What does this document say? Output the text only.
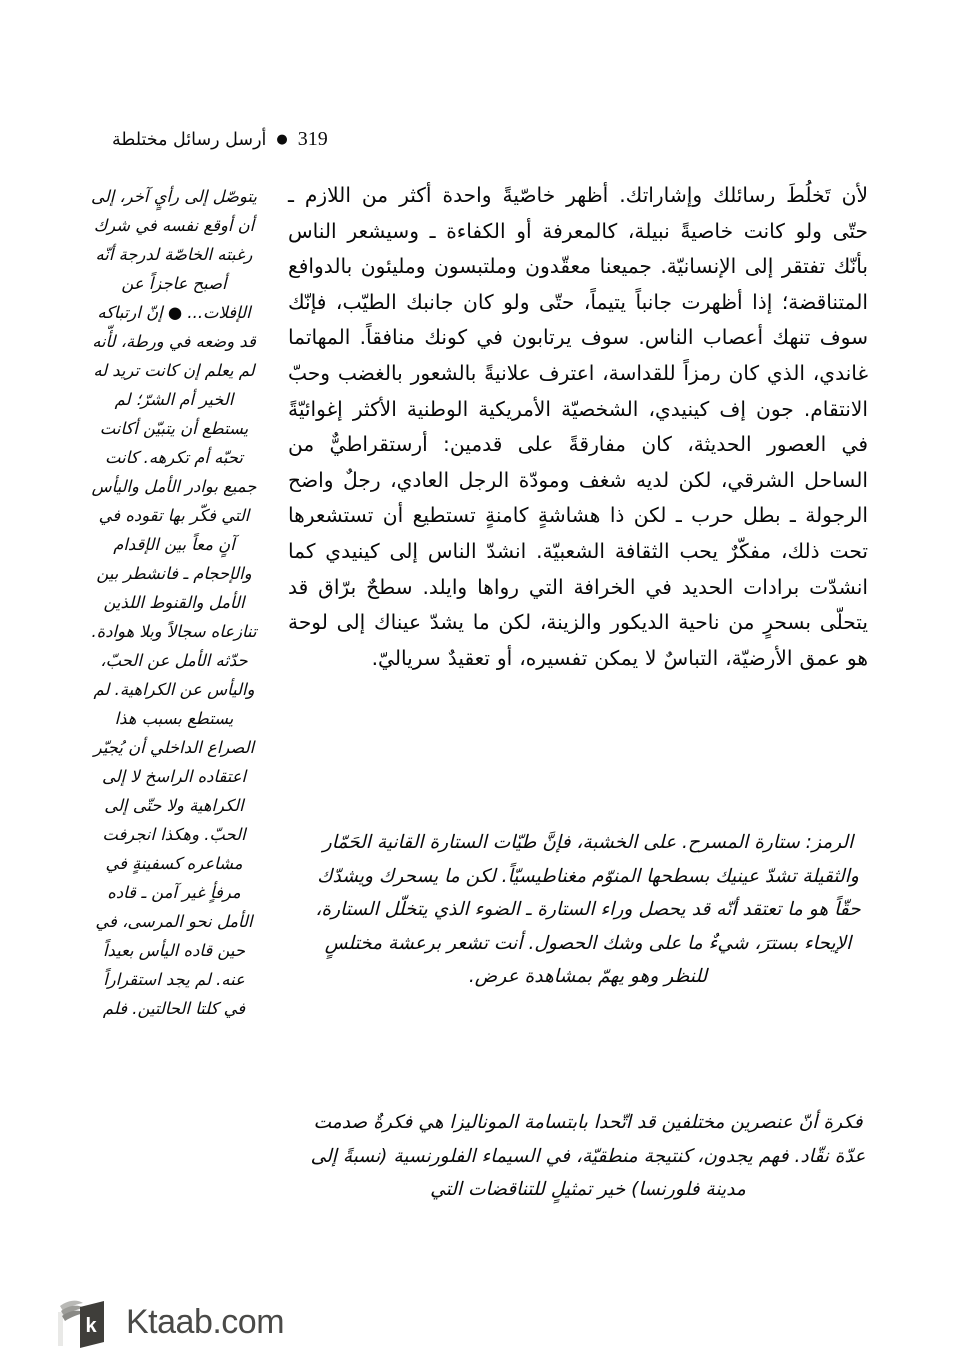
319●أرسل رسائل مختلطة

لأن تَخلُطَ رسائلك وإشاراتك. أظهر خاصّيةً واحدة أكثر من اللازم ـ حتّى ولو كانت خاصيةً نبيلة، كالمعرفة أو الكفاءة ـ وسيشعر الناس بأنّك تفتقر إلى الإنسانيّة. جميعنا معقّدون وملتبسون ومليئون بالدوافع المتناقضة؛ إذا أظهرت جانباً يتيماً، حتّى ولو كان جانبك الطيّب، فإنّك سوف تنهك أعصاب الناس. سوف يرتابون في كونك منافقاً. المهاتما غاندي، الذي كان رمزاً للقداسة، اعترف علانيةً بالشعور بالغضب وحبّ الانتقام. جون إف كينيدي، الشخصيّة الأمريكية الوطنية الأكثر إغوائيّةً في العصور الحديثة، كان مفارقةً على قدمين: أرستقراطيٌّ من الساحل الشرقي، لكن لديه شغف ومودّة الرجل العادي، رجلٌ واضح الرجولة ـ بطل حرب ـ لكن ذا هشاشةٍ كامنةٍ تستطيع أن تستشعرها تحت ذلك، مفكّرٌ يحب الثقافة الشعبيّة. انشدّ الناس إلى كينيدي كما انشدّت برادات الحديد في الخرافة التي رواها وايلد. سطحٌ برّاق قد يتحلّى بسحرٍ من ناحية الديكور والزينة، لكن ما يشدّ عيناك إلى لوحة هو عمق الأرضيّة، التباسٌ لا يمكن تفسيره، أو تعقيدٌ سرياليّ.

الرمز: ستارة المسرح. على الخشبة، فإنَّ طيّات الستارة القانية الحَمّار والثقيلة تشدّ عينيك بسطحها المنوّم مغناطيسيّاً. لكن ما يسحرك ويشدّك حقّاً هو ما تعتقد أنّه قد يحصل وراء الستارة ـ الضوء الذي يتخلّل الستارة، الإيحاء بسترَ، شيءٌ ما على وشك الحصول. أنت تشعر برعشة مختلسٍ للنظر وهو يهمّ بمشاهدة عرض.

فكرة أنّ عنصرين مختلفين قد اتّحدا بابتسامة الموناليزا هي فكرةٌ صدمت عدّة نقّاد. فهم يجدون، كنتيجة منطقيّة، في السيماء الفلورنسية (نسبةً إلى مدينة فلورنسا) خير تمثيلٍ للتناقضات التي

يتوصّل إلى رأيٍ آخر، إلى أن أوقع نفسه في شرك رغبته الخاصّة لدرجة أنّه أصبح عاجزاً عن الإفلات... ● إنّ ارتباكه قد وضعه في ورطة، لأّنه لم يعلم إن كانت تريد له الخير أم الشرّ؛ لم يستطع أن يتبيّن أكانت تحبّه أم تكرهه. كانت جميع بوادر الأمل واليأس التي فكّر بها تقوده في آنٍ معاً بين الإقدام والإحجام ـ فانشطر بين الأمل والقنوط اللذين تنازعاه سجالاً وبلا هوادة. حدّثه الأمل عن الحبّ، واليأس عن الكراهية. لم يستطع بسبب هذا الصراع الداخلي أن يُجيّر اعتقاده الراسخ لا إلى الكراهية ولا حتّى إلى الحبّ. وهكذا انجرفت مشاعره كسفينةٍ في مرفأٍ غير آمن ـ قاده الأمل نحو المرسى، في حين قاده اليأس بعيداً عنه. لم يجد استقراراً في كلتا الحالتين. فلم

k Ktaab.com
